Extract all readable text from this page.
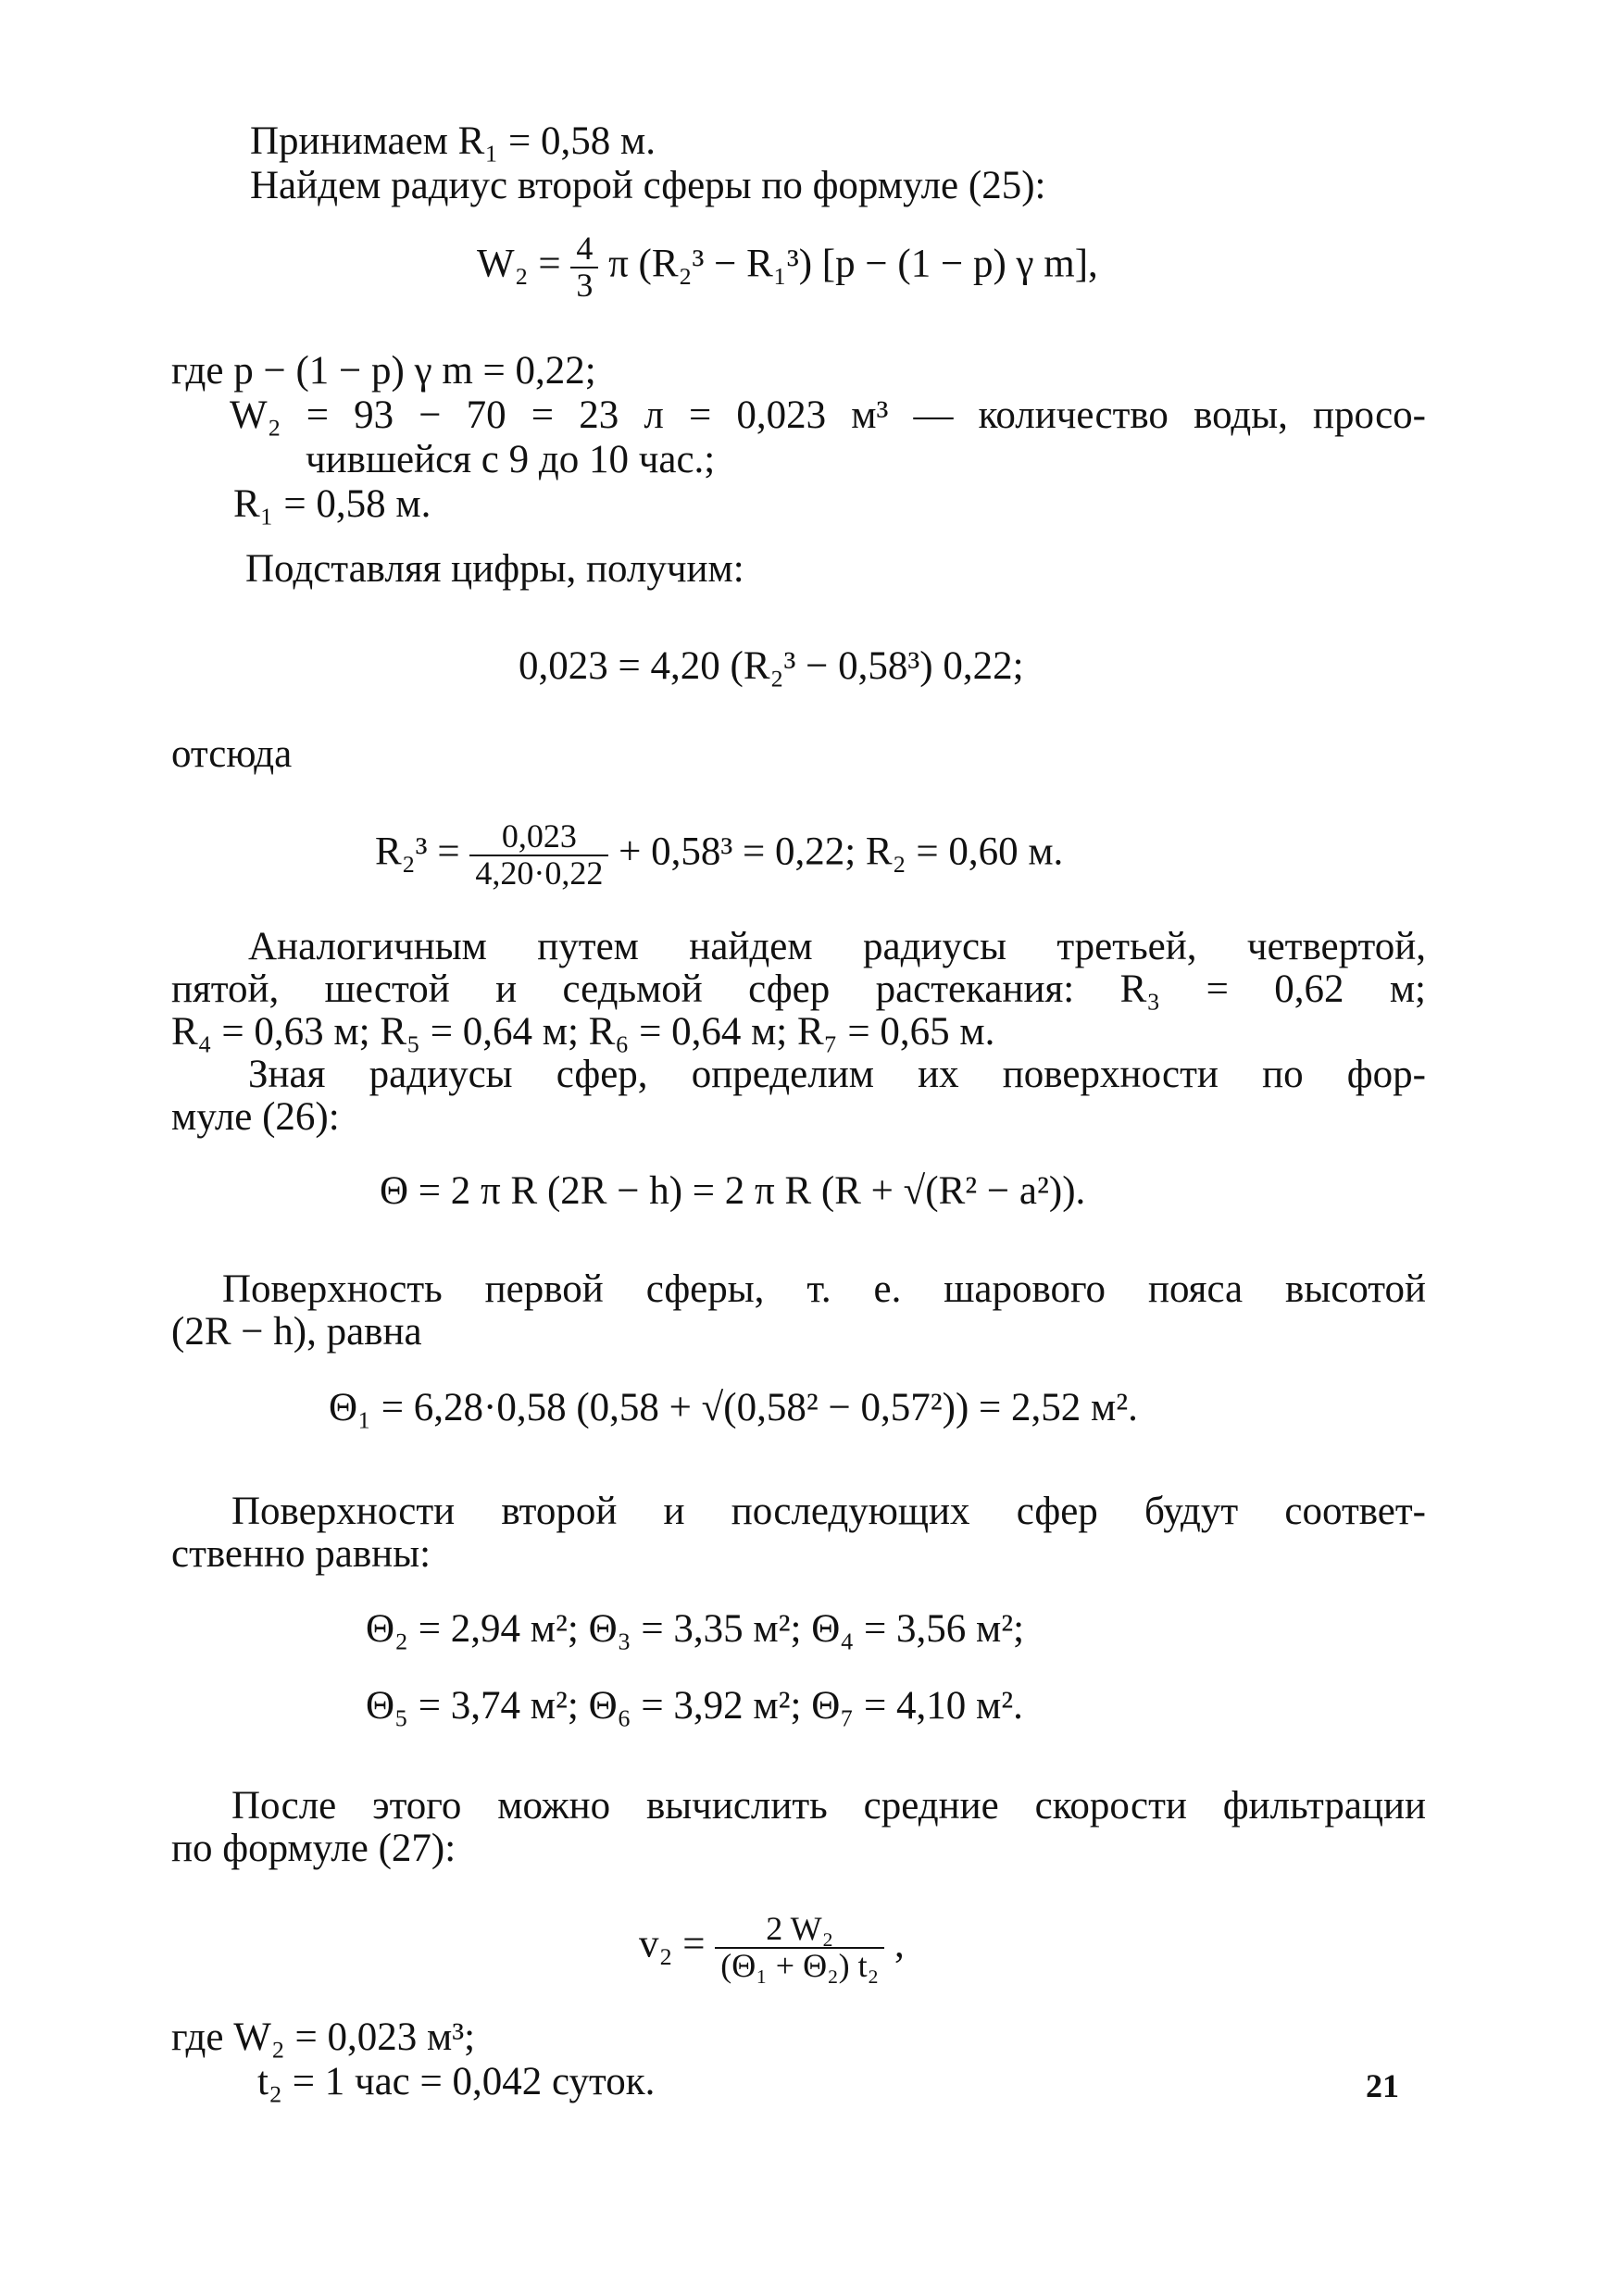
Принимаем R₁ = 0,58 м.
Найдем радиус второй сферы по формуле (25):
$W_2 = \frac{4}{3}$ π (R₂³ − R₁³) [p − (1 − p) γ m],
где p − (1 − p) γ m = 0,22;
W₂ = 93 − 70 = 23 л = 0,023 м³ — количество воды, просо-
чившейся с 9 до 10 час.;
R₁ = 0,58 м.
Подставляя цифры, получим:
0,023 = 4,20 (R₂³ − 0,58³) 0,22;
отсюда
$R_2^3 = \frac{0,023}{4,20\cdot 0,22} + 0,58^3 = 0,22$; R₂ = 0,60 м.
Аналогичным путем найдем радиусы третьей, четвертой,
пятой, шестой и седьмой сфер растекания: R₃ = 0,62 м;
R₄ = 0,63 м; R₅ = 0,64 м; R₆ = 0,64 м; R₇ = 0,65 м.
Зная радиусы сфер, определим их поверхности по фор-
муле (26):
Θ = 2 π R (2R − h) = 2 π R (R + √(R² − a²)).
Поверхность первой сферы, т. е. шарового пояса высотой
(2R − h), равна
Θ₁ = 6,28·0,58 (0,58 + √(0,58² − 0,57²)) = 2,52 м².
Поверхности второй и последующих сфер будут соответ-
ственно равны:
Θ₂ = 2,94 м²; Θ₃ = 3,35 м²; Θ₄ = 3,56 м²;
Θ₅ = 3,74 м²; Θ₆ = 3,92 м²; Θ₇ = 4,10 м².
После этого можно вычислить средние скорости фильтрации
по формуле (27):
$v_2 = \frac{\text{2 W₂}}{\text{(Θ₁ + Θ₂) t₂}}$ ,
где W₂ = 0,023 м³;
t₂ = 1 час = 0,042 суток.	21
